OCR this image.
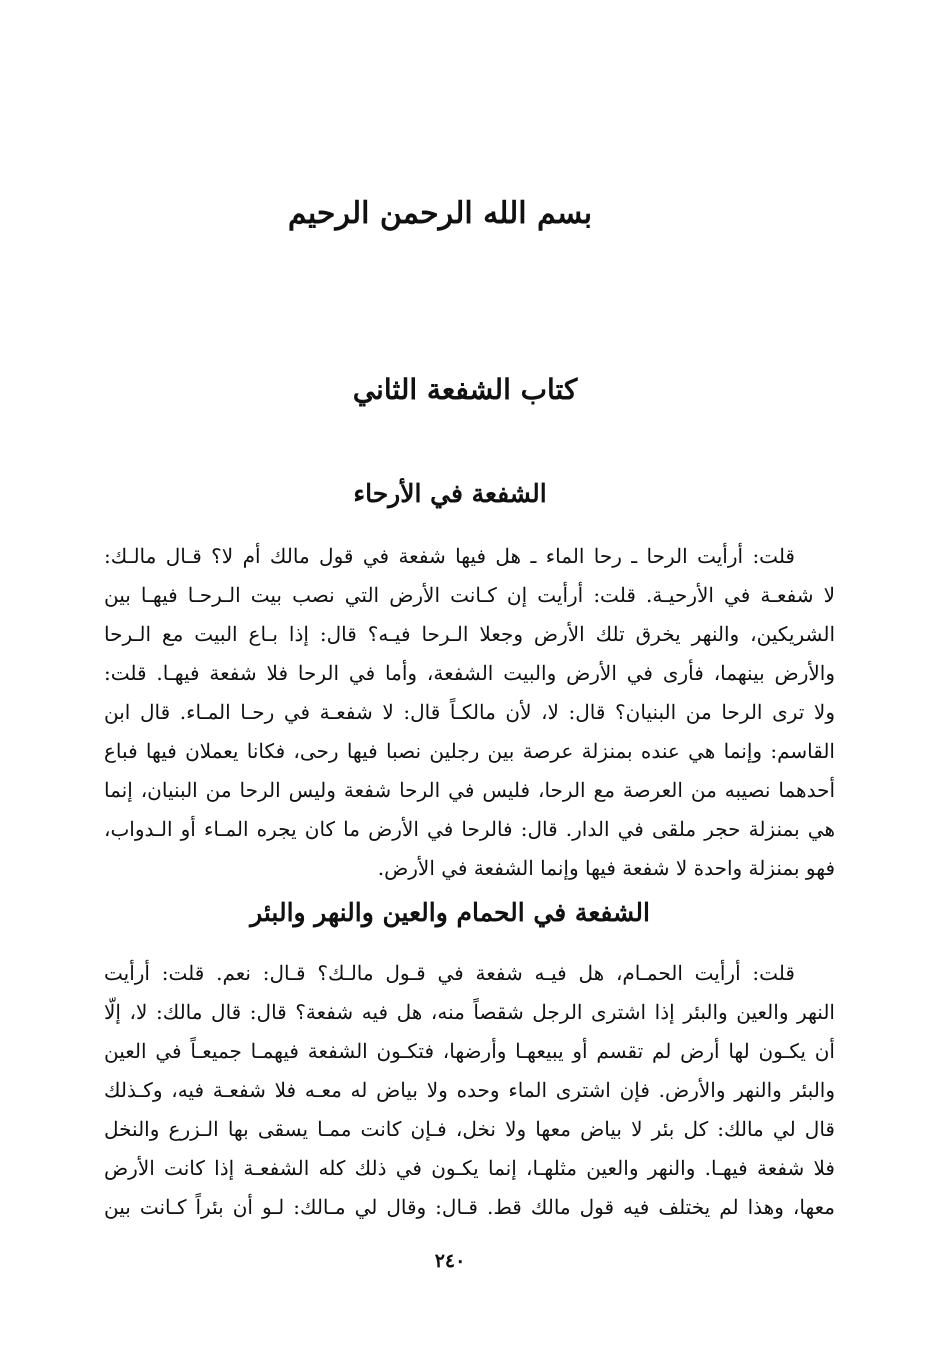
بسم الله الرحمن الرحيم
كتاب الشفعة الثاني
الشفعة في الأرحاء
قلت: أرأيت الرحا ـ رحا الماء ـ هل فيها شفعة في قول مالك أم لا؟ قـال مالـك:
لا شفعـة في الأرحيـة. قلت: أرأيت إن كـانت الأرض التي نصب بيت الـرحـا فيهـا بين
الشريكين، والنهر يخرق تلك الأرض وجعلا الـرحا فيـه؟ قال: إذا بـاع البيت مع الـرحا
والأرض بينهما، فأرى في الأرض والبيت الشفعة، وأما في الرحا فلا شفعة فيهـا. قلت:
ولا ترى الرحا من البنيان؟ قال: لا، لأن مالكـاً قال: لا شفعـة في رحـا المـاء. قال ابن
القاسم: وإنما هي عنده بمنزلة عرصة بين رجلين نصبا فيها رحى، فكانا يعملان فيها فباع
أحدهما نصيبه من العرصة مع الرحا، فليس في الرحا شفعة وليس الرحا من البنيان، إنما
هي بمنزلة حجر ملقى في الدار. قال: فالرحا في الأرض ما كان يجره المـاء أو الـدواب،
فهو بمنزلة واحدة لا شفعة فيها وإنما الشفعة في الأرض.
الشفعة في الحمام والعين والنهر والبئر
قلت: أرأيت الحمـام، هل فيـه شفعة في قـول مالـك؟ قـال: نعم. قلت: أرأيت
النهر والعين والبئر إذا اشترى الرجل شقصاً منه، هل فيه شفعة؟ قال: قال مالك: لا، إلّا
أن يكـون لها أرض لم تقسم أو يبيعهـا وأرضها، فتكـون الشفعة فيهمـا جميعـاً في العين
والبئر والنهر والأرض. فإن اشترى الماء وحده ولا بياض له معـه فلا شفعـة فيه، وكـذلك
قال لي مالك: كل بئر لا بياض معها ولا نخل، فـإن كانت ممـا يسقى بها الـزرع والنخل
فلا شفعة فيهـا. والنهر والعين مثلهـا، إنما يكـون في ذلك كله الشفعـة إذا كانت الأرض
معها، وهذا لم يختلف فيه قول مالك قط. قـال: وقال لي مـالك: لـو أن بئراً كـانت بين
٢٤٠
